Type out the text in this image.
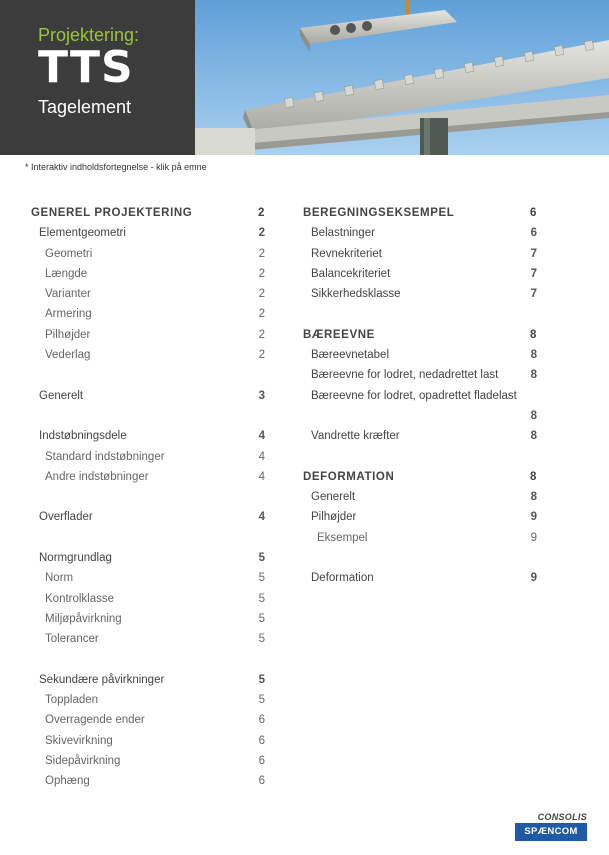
Projektering:
TTS
Tagelement
* Interaktiv indholdsfortegnelse - klik på emne
GENEREL PROJEKTERING	2
Elementgeometri	2
Geometri	2
Længde	2
Varianter	2
Armering	2
Pilhøjder	2
Vederlag	2
Generelt	3
Indstøbningsdele	4
Standard indstøbninger	4
Andre indstøbninger	4
Overflader	4
Normgrundlag	5
Norm	5
Kontrolklasse	5
Miljøpåvirkning	5
Tolerancer	5
Sekundære påvirkninger	5
Toppladen	5
Overragende ender	6
Skivevirkning	6
Sidepåvirkning	6
Ophæng	6
BEREGNINGSEKSEMPEL	6
Belastninger	6
Revnekriteriet	7
Balancekriteriet	7
Sikkerhedsklasse	7
BÆREEVNE	8
Bæreevnetabel	8
Bæreevne for lodret, nedadrettet last	8
Bæreevne for lodret, opadrettet fladelast
8
Vandrette kræfter	8
DEFORMATION	8
Generelt	8
Pilhøjder	9
Eksempel	9
Deformation	9
CONSOLIS
SPÆNCOM
